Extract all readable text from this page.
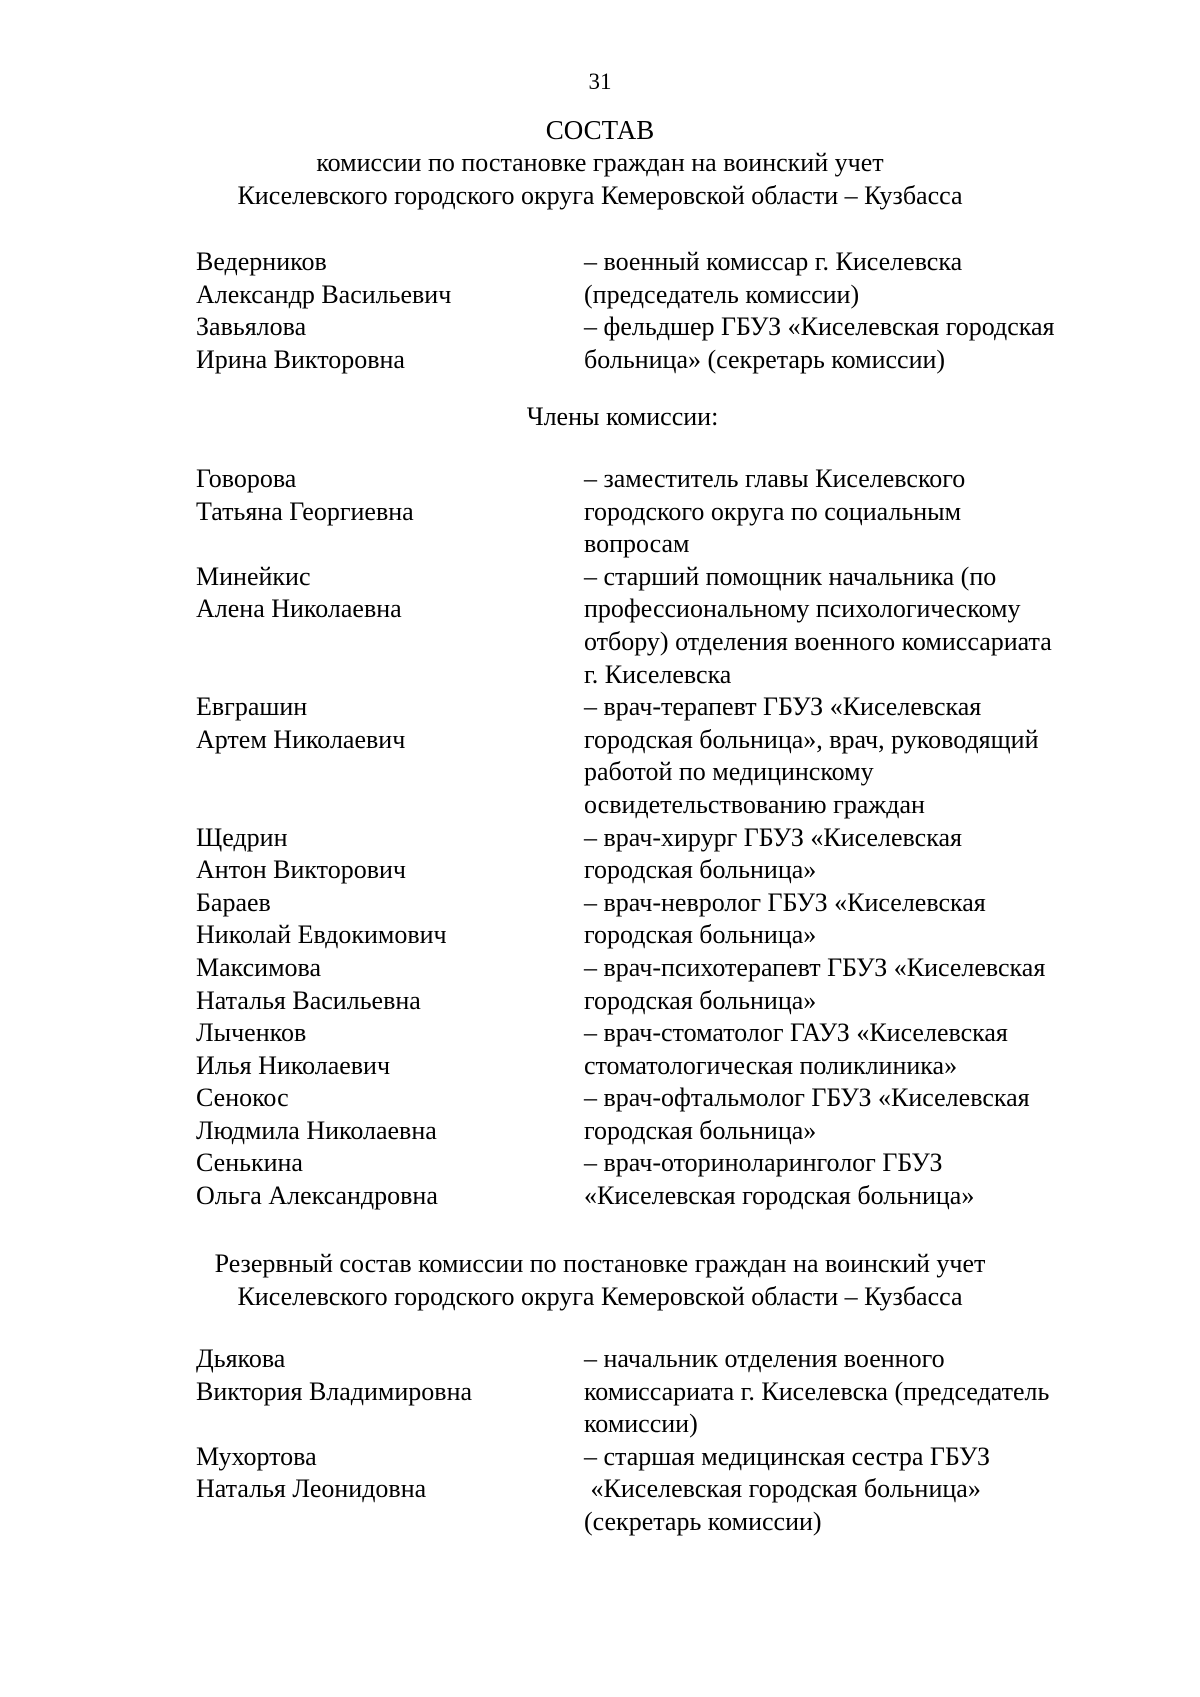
31
СОСТАВ
комиссии по постановке граждан на воинский учет
Киселевского городского округа Кемеровской области – Кузбасса
Ведерников
Александр Васильевич
– военный комиссар г. Киселевска
(председатель комиссии)
Завьялова
Ирина Викторовна
– фельдшер ГБУЗ «Киселевская городская
больница» (секретарь комиссии)
Члены комиссии:
Говорова
Татьяна Георгиевна
– заместитель главы Киселевского
городского округа по социальным
вопросам
Минейкис
Алена Николаевна
– старший помощник начальника (по
профессиональному психологическому
отбору) отделения военного комиссариата
г. Киселевска
Евграшин
Артем Николаевич
– врач-терапевт ГБУЗ «Киселевская
городская больница», врач, руководящий
работой по медицинскому
освидетельствованию граждан
Щедрин
Антон Викторович
– врач-хирург ГБУЗ «Киселевская
городская больница»
Бараев
Николай Евдокимович
– врач-невролог ГБУЗ «Киселевская
городская больница»
Максимова
Наталья Васильевна
– врач-психотерапевт ГБУЗ «Киселевская
городская больница»
Лыченков
Илья Николаевич
– врач-стоматолог ГАУЗ «Киселевская
стоматологическая поликлиника»
Сенокос
Людмила Николаевна
– врач-офтальмолог ГБУЗ «Киселевская
городская больница»
Сенькина
Ольга Александровна
– врач-оториноларинголог ГБУЗ
«Киселевская городская больница»
Резервный состав комиссии по постановке граждан на воинский учет
Киселевского городского округа Кемеровской области – Кузбасса
Дьякова
Виктория Владимировна
– начальник отделения военного
комиссариата г. Киселевска (председатель
комиссии)
Мухортова
Наталья Леонидовна
– старшая медицинская сестра ГБУЗ
«Киселевская городская больница»
(секретарь комиссии)
